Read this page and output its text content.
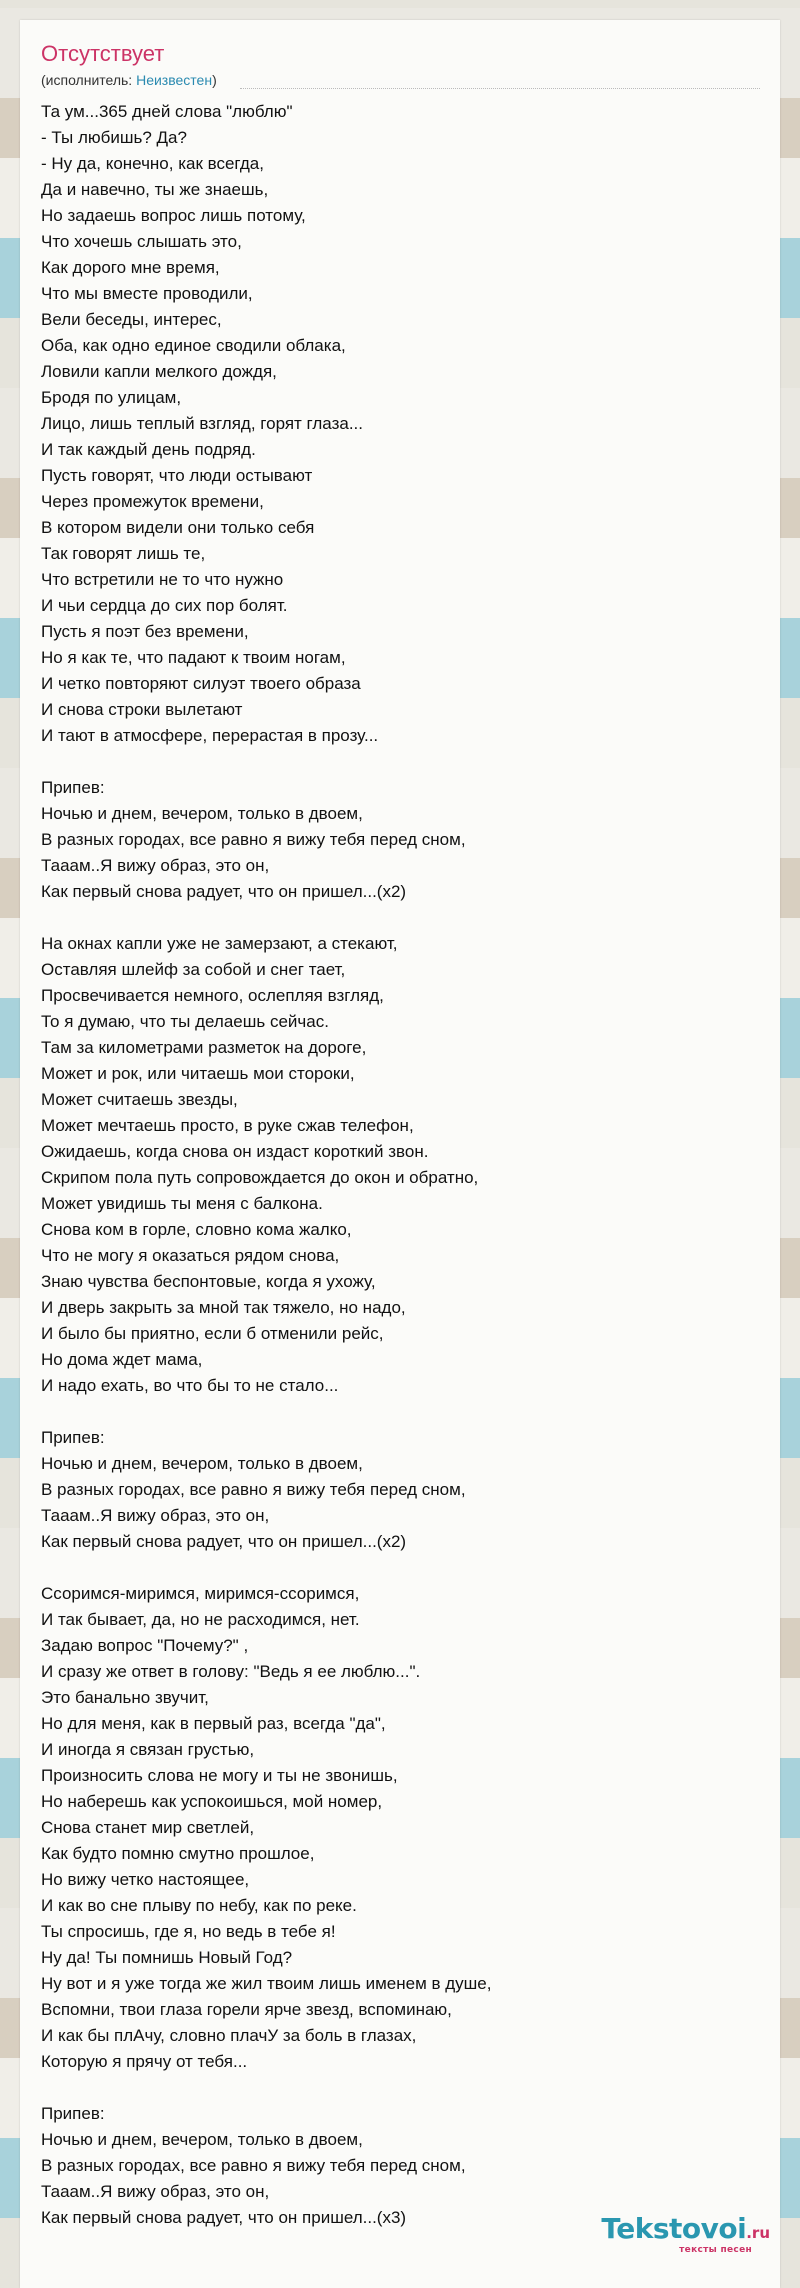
Отсутствует
(исполнитель: Неизвестен)
Та ум...365 дней слова "люблю"
- Ты любишь? Да?
- Ну да, конечно, как всегда,
Да и навечно, ты же знаешь,
Но задаешь вопрос лишь потому,
Что хочешь слышать это,
Как дорого мне время,
Что мы вместе проводили,
Вели беседы, интерес,
Оба, как одно единое сводили облака,
Ловили капли мелкого дождя,
Бродя по улицам,
Лицо, лишь теплый взгляд, горят глаза...
И так каждый день подряд.
Пусть говорят, что люди остывают
Через промежуток времени,
В котором видели они только себя
Так говорят лишь те,
Что встретили не то что нужно
И чьи сердца до сих пор болят.
Пусть я поэт без времени,
Но я как те, что падают к твоим ногам,
И четко повторяют силуэт твоего образа
И снова строки вылетают
И тают в атмосфере, перерастая в прозу...
Припев:
Ночью и днем, вечером, только в двоем,
В разных городах, все равно я вижу тебя перед сном,
Тааам..Я вижу образ, это он,
Как первый снова радует, что он пришел...(x2)
На окнах капли уже не замерзают, а стекают,
Оставляя шлейф за собой и снег тает,
Просвечивается немного, ослепляя взгляд,
То я думаю, что ты делаешь сейчас.
Там за километрами разметок на дороге,
Может и рок, или читаешь мои стороки,
Может считаешь звезды,
Может мечтаешь просто, в руке сжав телефон,
Ожидаешь, когда снова он издаст короткий звон.
Скрипом пола путь сопровождается до окон и обратно,
Может увидишь ты меня с балкона.
Снова ком в горле, словно кома жалко,
Что не могу я оказаться рядом снова,
Знаю чувства беспонтовые, когда я ухожу,
И дверь закрыть за мной так тяжело, но надо,
И было бы приятно, если б отменили рейс,
Но дома ждет мама,
И надо ехать, во что бы то не стало...
Припев:
Ночью и днем, вечером, только в двоем,
В разных городах, все равно я вижу тебя перед сном,
Тааам..Я вижу образ, это он,
Как первый снова радует, что он пришел...(x2)
Ссоримся-миримся, миримся-ссоримся,
И так бывает, да, но не расходимся, нет.
Задаю вопрос "Почему?" ,
И сразу же ответ в голову: "Ведь я ее люблю...".
Это банально звучит,
Но для меня, как в первый раз, всегда "да",
И иногда я связан грустью,
Произносить слова не могу и ты не звонишь,
Но наберешь как успокоишься, мой номер,
Снова станет мир светлей,
Как будто помню смутно прошлое,
Но вижу четко настоящее,
И как во сне плыву по небу, как по реке.
Ты спросишь, где я, но ведь в тебе я!
Ну да! Ты помнишь Новый Год?
Ну вот и я уже тогда же жил твоим лишь именем в душе,
Вспомни, твои глаза горели ярче звезд, вспоминаю,
И как бы плАчу, словно плачУ за боль в глазах,
Которую я прячу от тебя...
Припев:
Ночью и днем, вечером, только в двоем,
В разных городах, все равно я вижу тебя перед сном,
Тааам..Я вижу образ, это он,
Как первый снова радует, что он пришел...(x3)	Tekstovoi.ru
тексты песен
